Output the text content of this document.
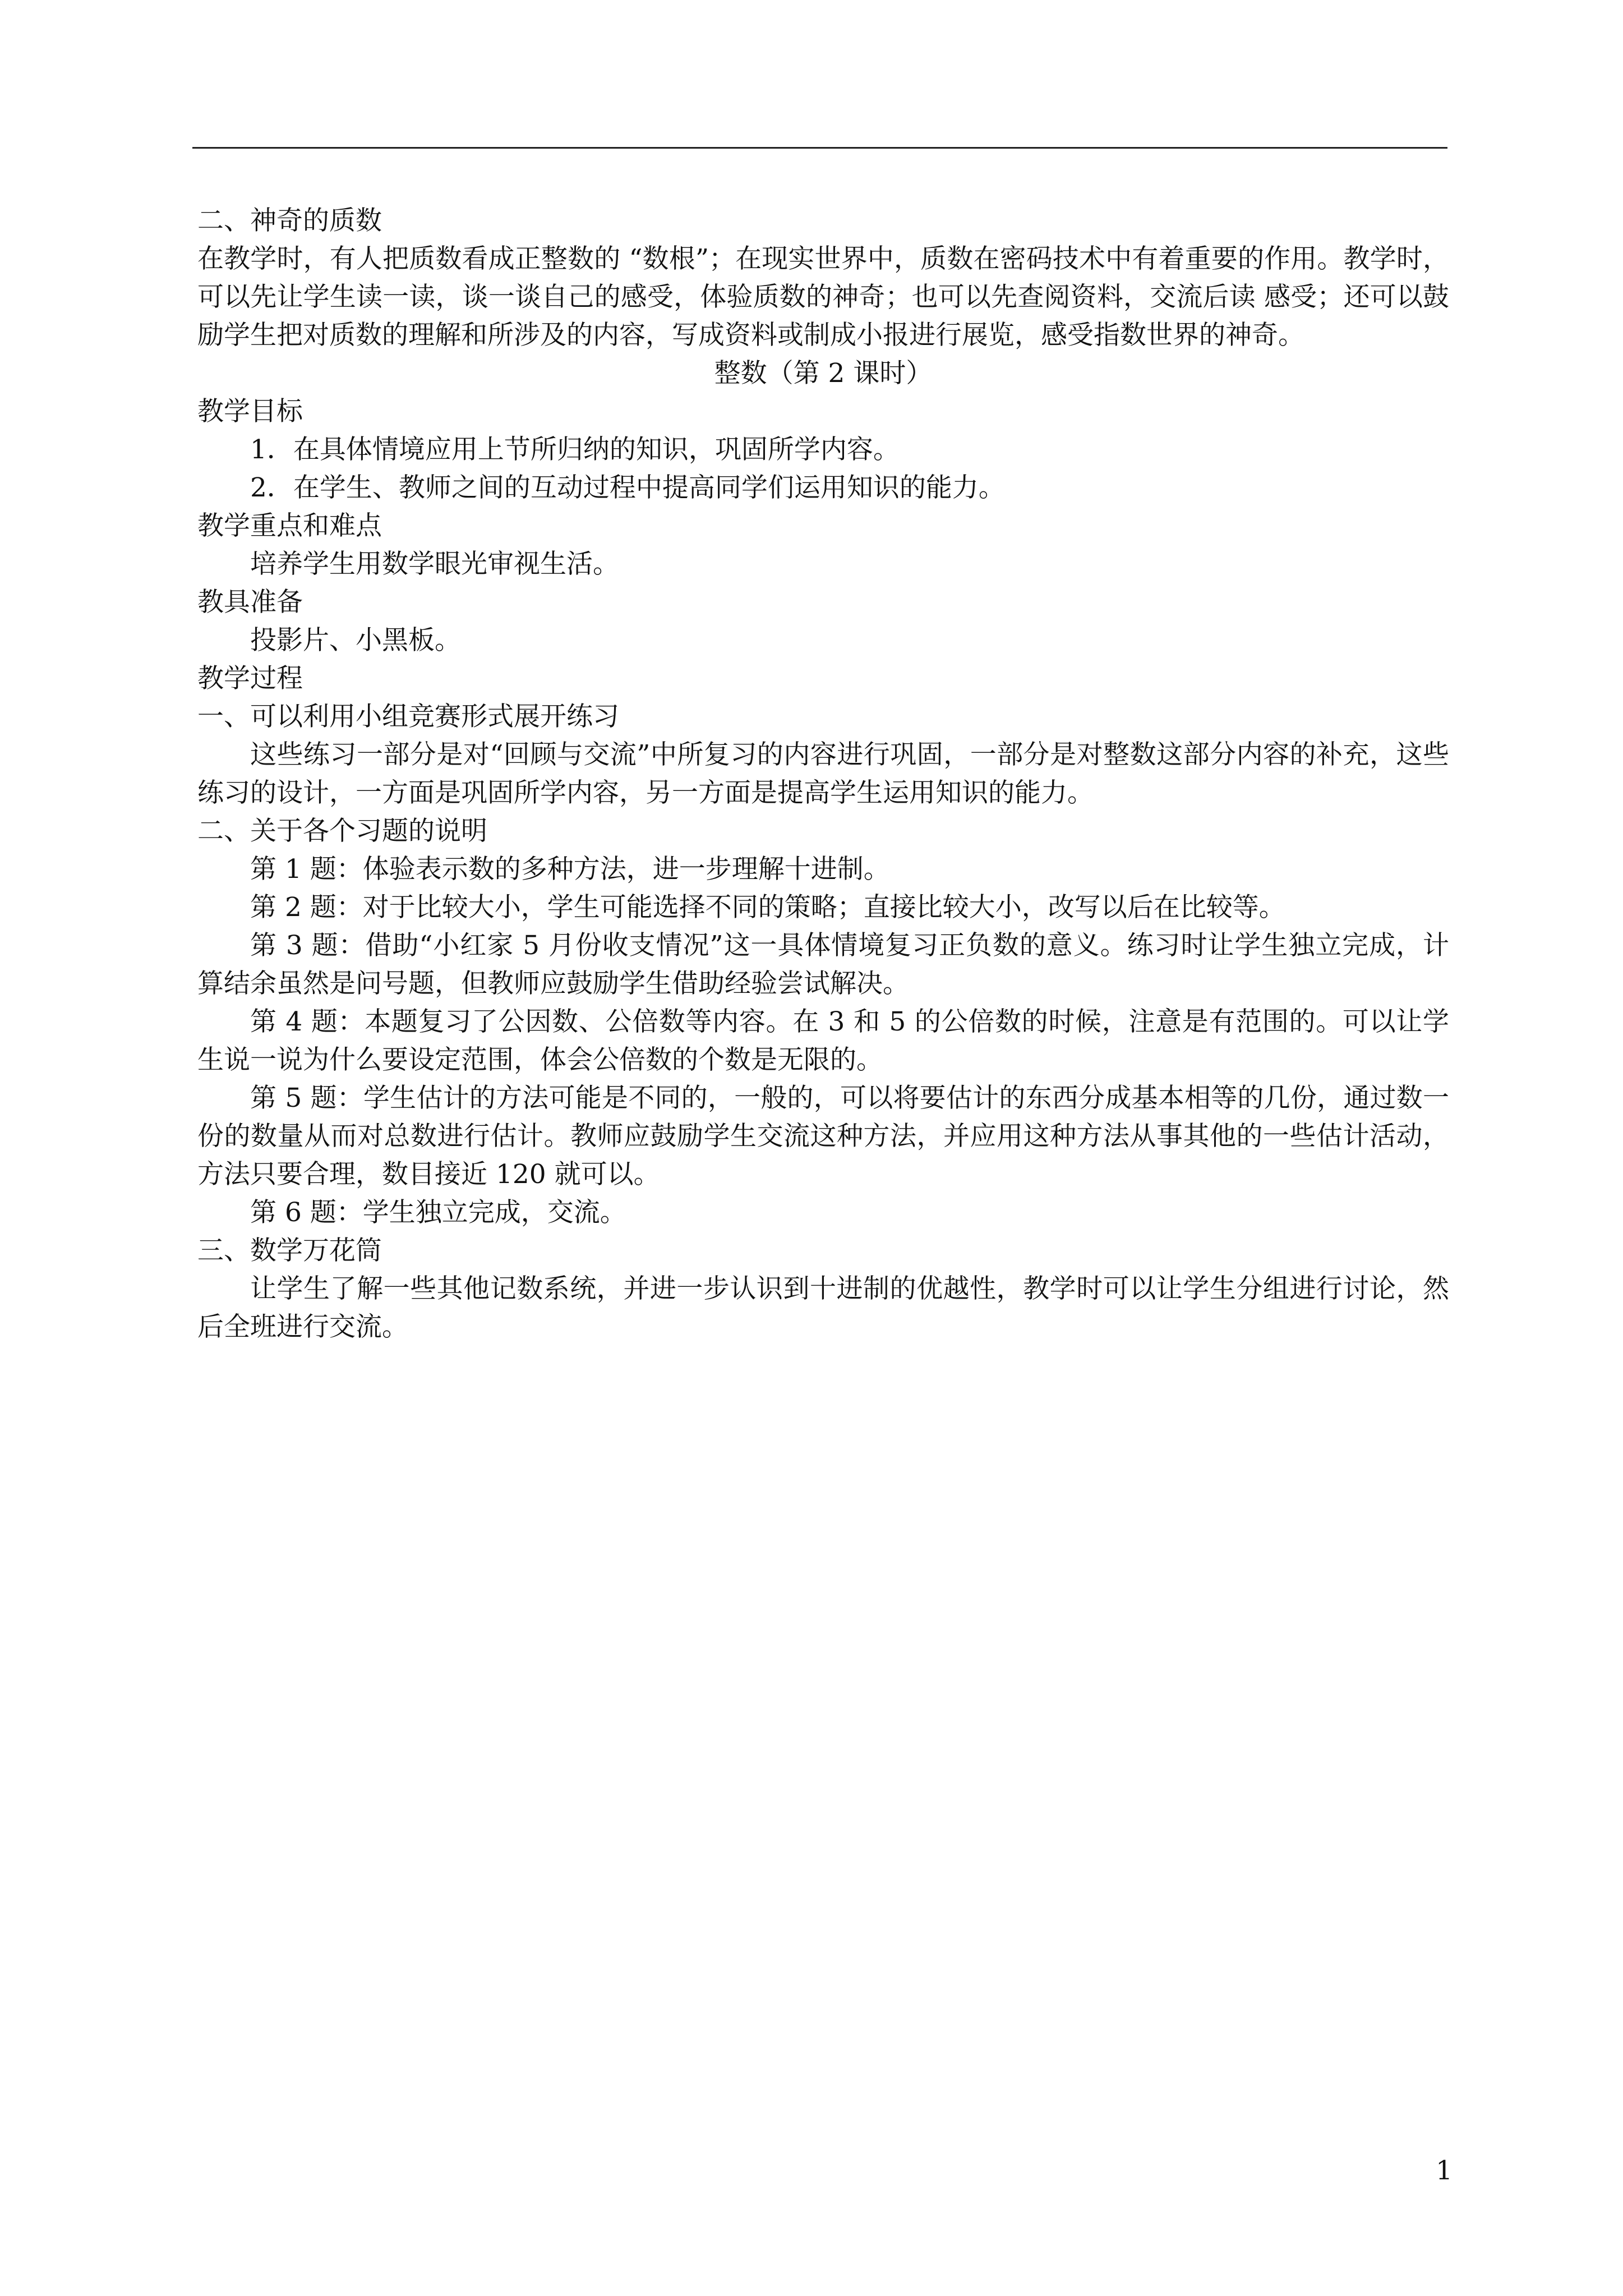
二、神奇的质数

在教学时，有人把质数看成正整数的 “数根”；在现实世界中，质数在密码技术中有着重要的作用。教学时，可以先让学生读一读，谈一谈自己的感受，体验质数的神奇；也可以先查阅资料，交流后读 感受；还可以鼓励学生把对质数的理解和所涉及的内容，写成资料或制成小报进行展览，感受指数世界的神奇。

整数（第 2 课时）

教学目标

1．在具体情境应用上节所归纳的知识，巩固所学内容。

2．在学生、教师之间的互动过程中提高同学们运用知识的能力。

教学重点和难点

培养学生用数学眼光审视生活。

教具准备

投影片、小黑板。

教学过程

一、可以利用小组竞赛形式展开练习

这些练习一部分是对“回顾与交流”中所复习的内容进行巩固，一部分是对整数这部分内容的补充，这些练习的设计，一方面是巩固所学内容，另一方面是提高学生运用知识的能力。

二、关于各个习题的说明

第 1 题：体验表示数的多种方法，进一步理解十进制。

第 2 题：对于比较大小，学生可能选择不同的策略；直接比较大小，改写以后在比较等。

第 3 题：借助“小红家 5 月份收支情况”这一具体情境复习正负数的意义。练习时让学生独立完成，计算结余虽然是问号题，但教师应鼓励学生借助经验尝试解决。

第 4 题：本题复习了公因数、公倍数等内容。在 3 和 5 的公倍数的时候，注意是有范围的。可以让学生说一说为什么要设定范围，体会公倍数的个数是无限的。

第 5 题：学生估计的方法可能是不同的，一般的，可以将要估计的东西分成基本相等的几份，通过数一份的数量从而对总数进行估计。教师应鼓励学生交流这种方法，并应用这种方法从事其他的一些估计活动，方法只要合理，数目接近 120 就可以。

第 6 题：学生独立完成，交流。

三、数学万花筒

让学生了解一些其他记数系统，并进一步认识到十进制的优越性，教学时可以让学生分组进行讨论，然后全班进行交流。

1
